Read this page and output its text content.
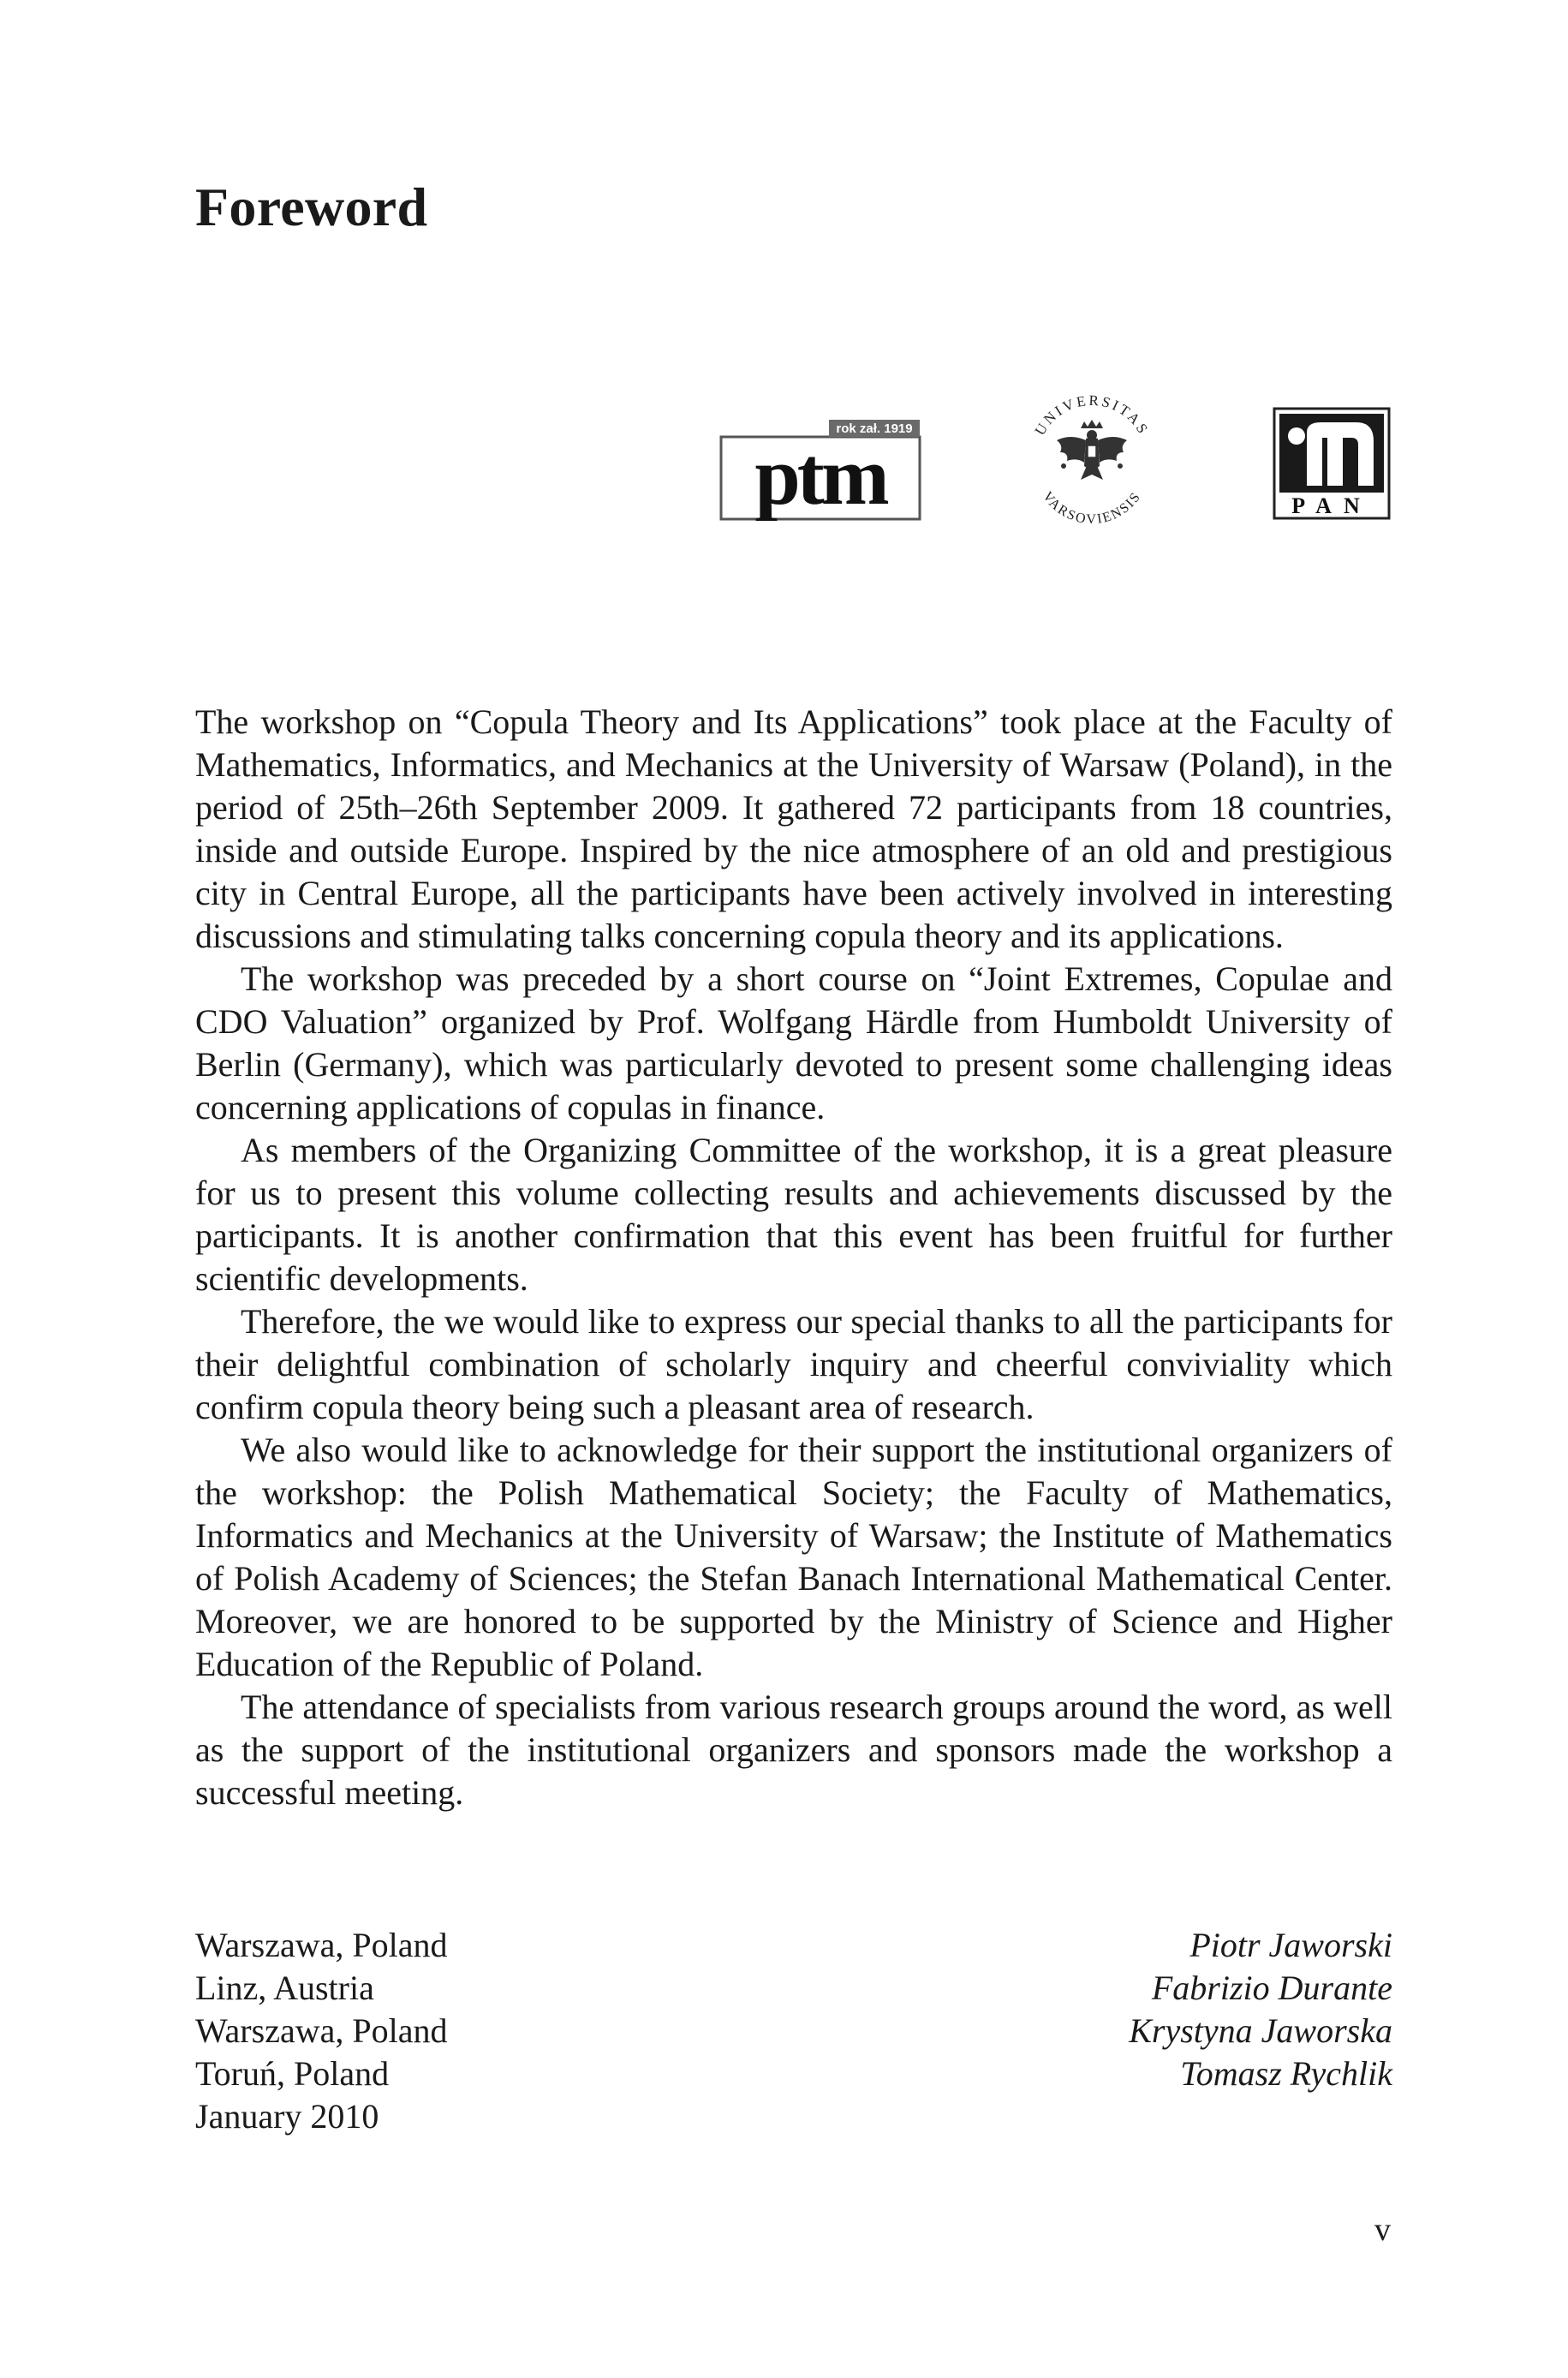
Foreword
rok zał. 1919
ptm
UNIVERSITAS
VARSOVIENSIS	PAN

The workshop on “Copula Theory and Its Applications” took place at the Faculty of Mathematics, Informatics, and Mechanics at the University of Warsaw (Poland), in the period of 25th–26th September 2009. It gathered 72 participants from 18 countries, inside and outside Europe. Inspired by the nice atmosphere of an old and prestigious city in Central Europe, all the participants have been actively involved in interesting discussions and stimulating talks concerning copula theory and its applications.

The workshop was preceded by a short course on “Joint Extremes, Copulae and CDO Valuation” organized by Prof. Wolfgang Härdle from Humboldt University of Berlin (Germany), which was particularly devoted to present some challenging ideas concerning applications of copulas in finance.

As members of the Organizing Committee of the workshop, it is a great pleasure for us to present this volume collecting results and achievements discussed by the participants. It is another confirmation that this event has been fruitful for further scientific developments.

Therefore, the we would like to express our special thanks to all the participants for their delightful combination of scholarly inquiry and cheerful conviviality which confirm copula theory being such a pleasant area of research.

We also would like to acknowledge for their support the institutional organizers of the workshop: the Polish Mathematical Society; the Faculty of Mathematics, Informatics and Mechanics at the University of Warsaw; the Institute of Mathematics of Polish Academy of Sciences; the Stefan Banach International Mathematical Center. Moreover, we are honored to be supported by the Ministry of Science and Higher Education of the Republic of Poland.

The attendance of specialists from various research groups around the word, as well as the support of the institutional organizers and sponsors made the workshop a successful meeting.

Warszawa, Poland
Linz, Austria
Warszawa, Poland
Toruń, Poland
January 2010
Piotr Jaworski
Fabrizio Durante
Krystyna Jaworska
Tomasz Rychlik
v
